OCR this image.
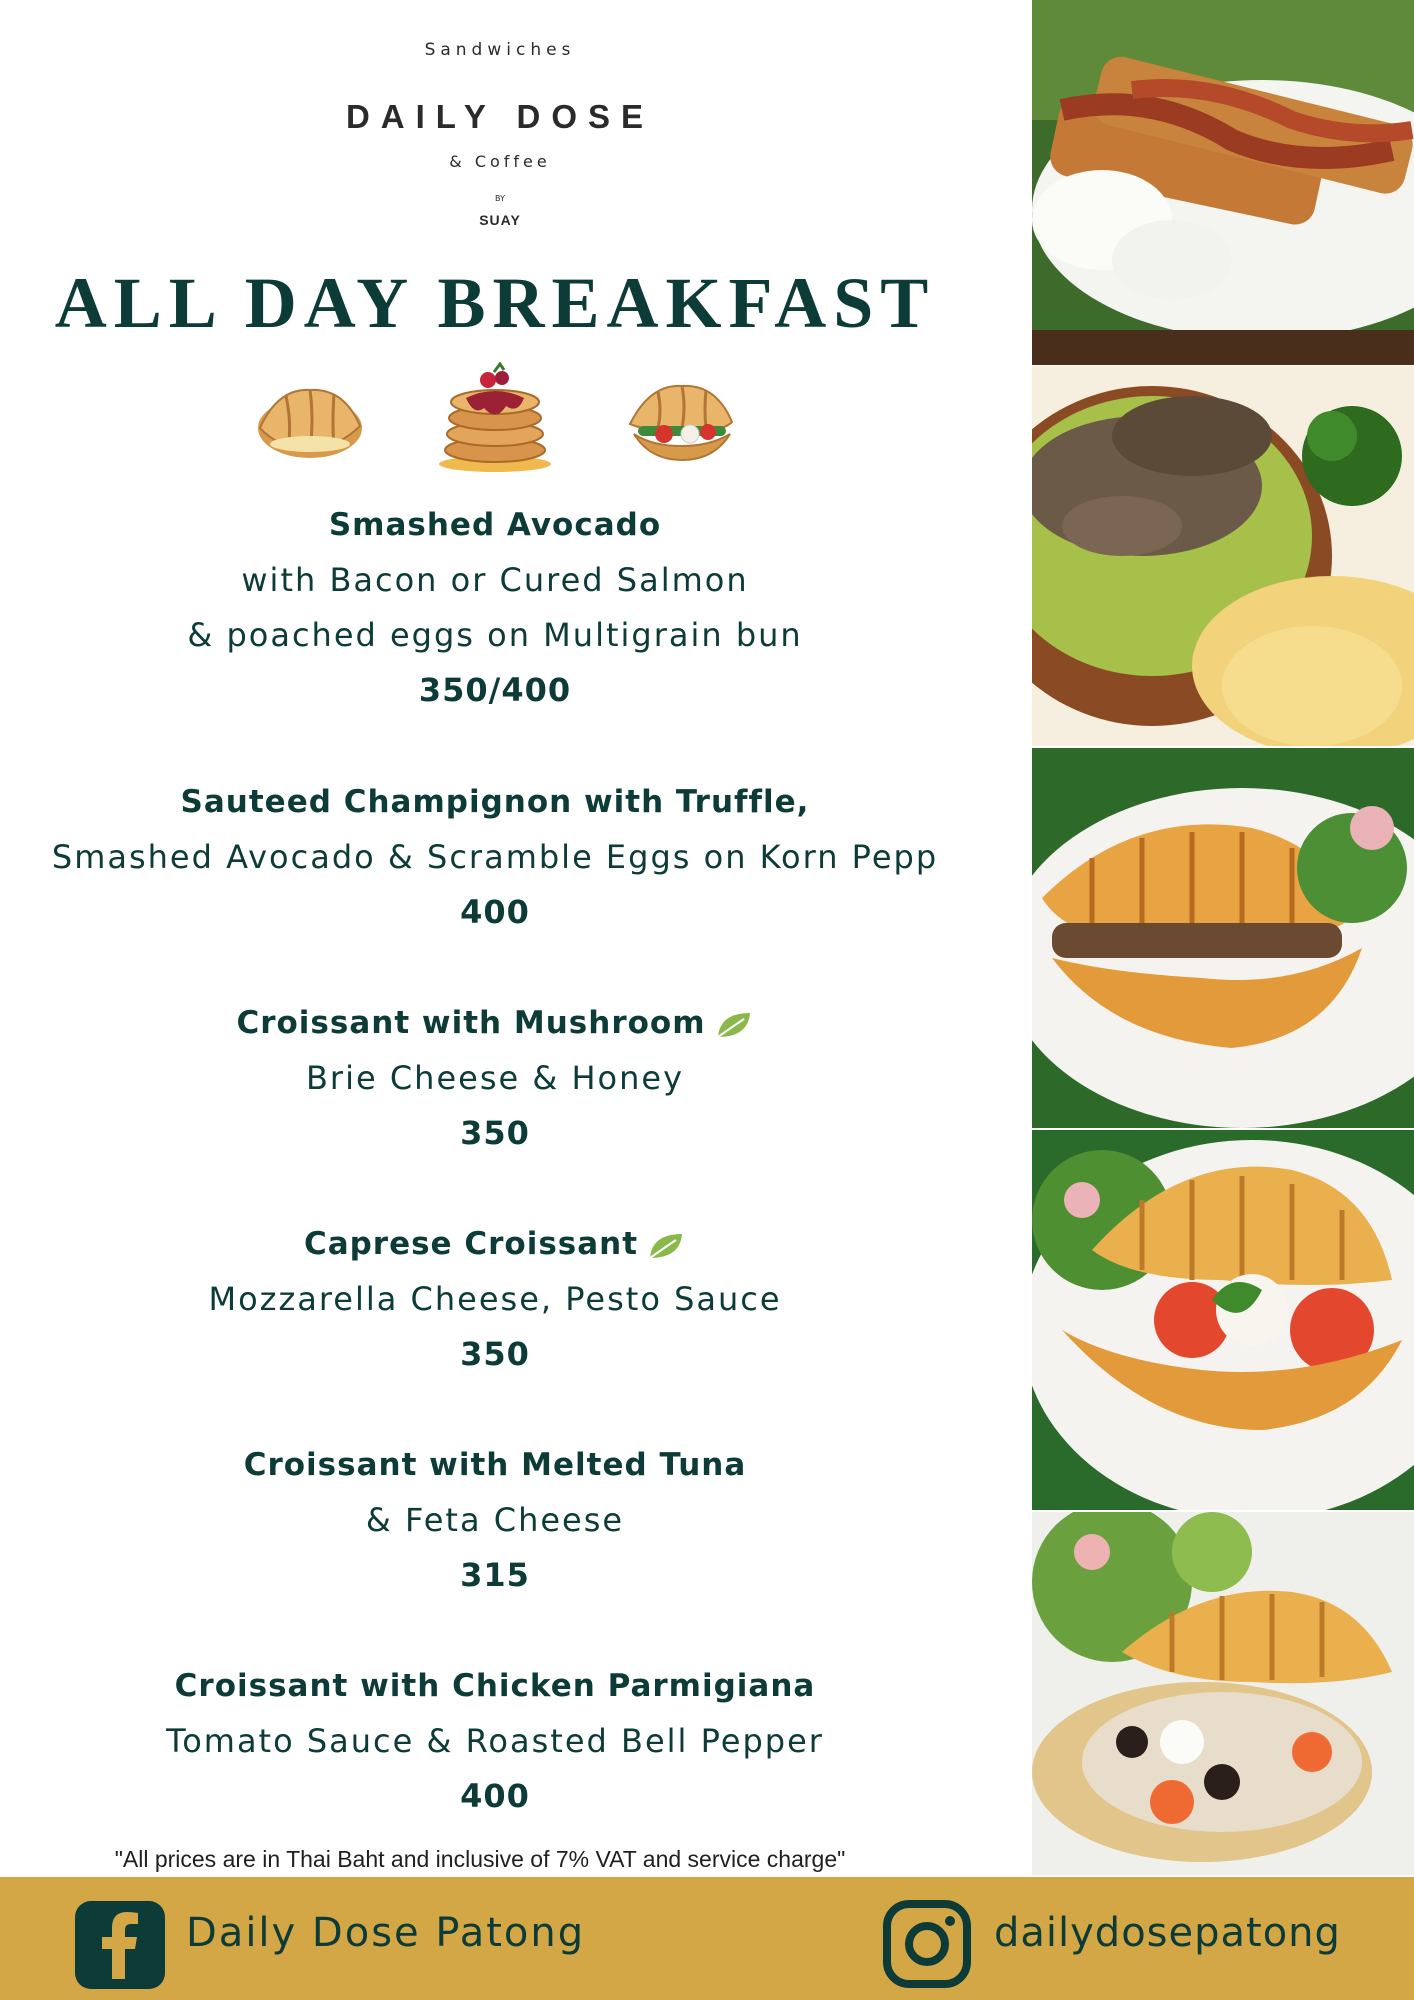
Sandwiches
DAILY DOSE
& Coffee
BY
SUAY
ALL DAY BREAKFAST
Smashed Avocado
with Bacon or Cured Salmon
& poached eggs on Multigrain bun
350/400
Sauteed Champignon with Truffle,
Smashed Avocado & Scramble Eggs on Korn Pepp
400
Croissant with Mushroom
Brie Cheese & Honey
350
Caprese Croissant
Mozzarella Cheese, Pesto Sauce
350
Croissant with Melted Tuna
& Feta Cheese
315
Croissant with Chicken Parmigiana
Tomato Sauce & Roasted Bell Pepper
400
"All prices are in Thai Baht and inclusive of 7% VAT and service charge"
Daily Dose Patong	dailydosepatong
